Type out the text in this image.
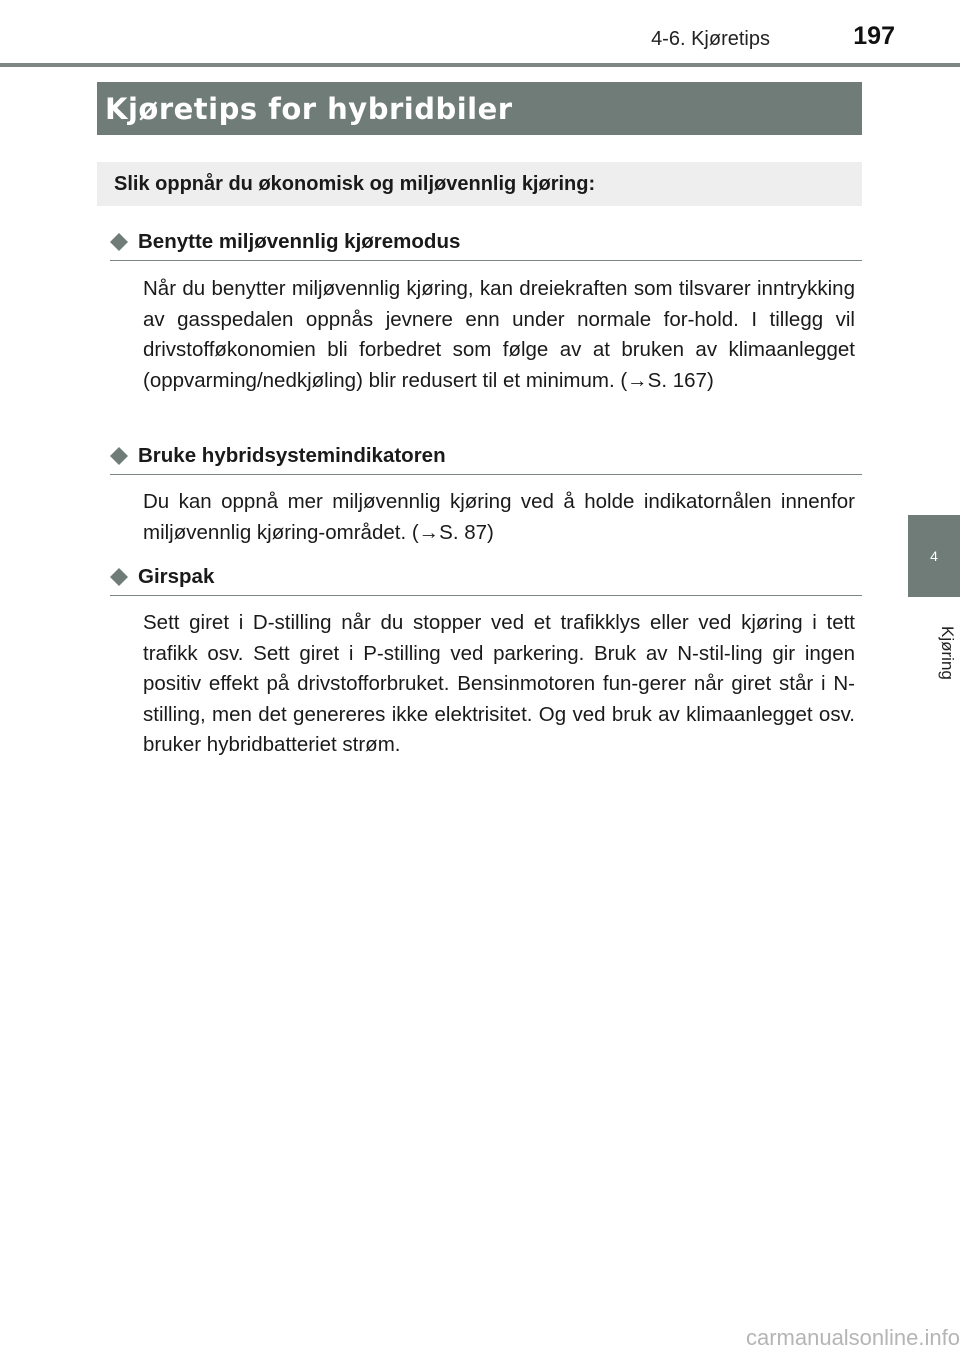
4-6. Kjøretips	197
4
Kjøring
Kjøretips for hybridbiler
Slik oppnår du økonomisk og miljøvennlig kjøring:
Benytte miljøvennlig kjøremodus
Når du benytter miljøvennlig kjøring, kan dreiekraften som tilsvarer inntrykking av gasspedalen oppnås jevnere enn under normale for-hold. I tillegg vil drivstofføkonomien bli forbedret som følge av at bruken av klimaanlegget (oppvarming/nedkjøling) blir redusert til et minimum. (→S. 167)
Bruke hybridsystemindikatoren
Du kan oppnå mer miljøvennlig kjøring ved å holde indikatornålen innenfor miljøvennlig kjøring-området. (→S. 87)
Girspak
Sett giret i D-stilling når du stopper ved et trafikklys eller ved kjøring i tett trafikk osv. Sett giret i P-stilling ved parkering. Bruk av N-stil-ling gir ingen positiv effekt på drivstofforbruket. Bensinmotoren fun-gerer når giret står i N-stilling, men det genereres ikke elektrisitet. Og ved bruk av klimaanlegget osv. bruker hybridbatteriet strøm.
carmanualsonline.info
